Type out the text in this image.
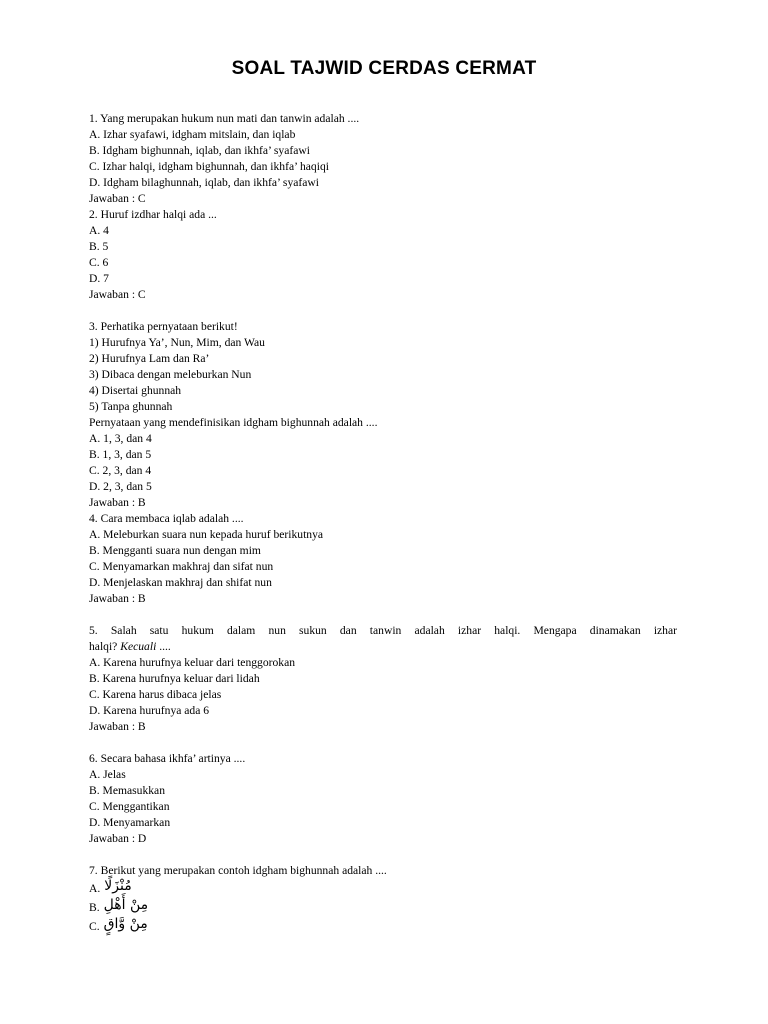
SOAL TAJWID CERDAS CERMAT
1. Yang merupakan hukum nun mati dan tanwin adalah ....
A. Izhar syafawi, idgham mitslain, dan iqlab
B. Idgham bighunnah, iqlab, dan ikhfa’ syafawi
C. Izhar halqi, idgham bighunnah, dan ikhfa’ haqiqi
D. Idgham bilaghunnah, iqlab, dan ikhfa’ syafawi
Jawaban : C
2. Huruf izdhar halqi ada ...
A. 4
B. 5
C. 6
D. 7
Jawaban : C
3. Perhatika pernyataan berikut!
1) Hurufnya Ya’, Nun, Mim, dan Wau
2) Hurufnya Lam dan Ra’
3) Dibaca dengan meleburkan Nun
4) Disertai ghunnah
5) Tanpa ghunnah
Pernyataan yang mendefinisikan idgham bighunnah adalah ....
A. 1, 3, dan 4
B. 1, 3, dan 5
C. 2, 3, dan 4
D. 2, 3, dan 5
Jawaban : B
4. Cara membaca iqlab adalah ....
A. Meleburkan suara nun kepada huruf berikutnya
B. Mengganti suara nun dengan mim
C. Menyamarkan makhraj dan sifat nun
D. Menjelaskan makhraj dan shifat nun
Jawaban : B
5. Salah satu hukum dalam nun sukun dan tanwin adalah izhar halqi. Mengapa dinamakan izhar
halqi? Kecuali ....
A. Karena hurufnya keluar dari tenggorokan
B. Karena hurufnya keluar dari lidah
C. Karena harus dibaca jelas
D. Karena hurufnya ada 6
Jawaban : B
6. Secara bahasa ikhfa’ artinya ....
A. Jelas
B. Memasukkan
C. Menggantikan
D. Menyamarkan
Jawaban : D
7. Berikut yang merupakan contoh idgham bighunnah adalah ....
A. مُنْزَلًا
B. مِنْ أَهْلِ
C. مِنْ وَّاقٍ
